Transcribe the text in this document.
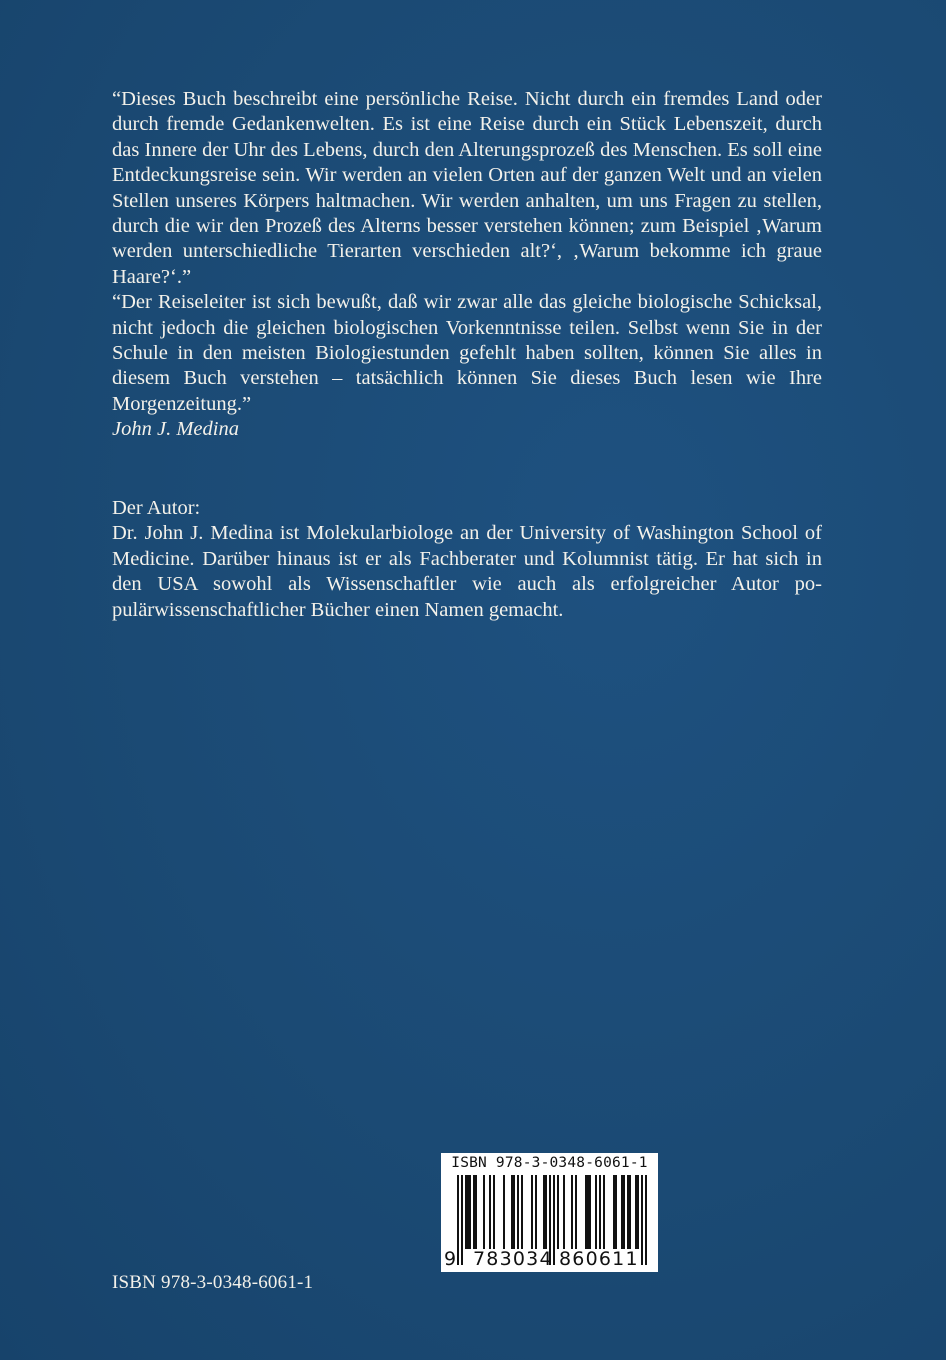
“Dieses Buch beschreibt eine persönliche Reise. Nicht durch ein fremdes Land oder durch fremde Gedankenwelten. Es ist eine Reise durch ein Stück Lebenszeit, durch das Innere der Uhr des Lebens, durch den Alterungsprozeß des Menschen. Es soll eine Entdeckungsreise sein. Wir werden an vielen Orten auf der ganzen Welt und an vielen Stellen unseres Körpers haltmachen. Wir werden anhalten, um uns Fragen zu stellen, durch die wir den Prozeß des Alterns besser verstehen können; zum Beispiel ‚Warum werden unterschiedliche Tierarten verschieden alt?‘, ‚Warum bekomme ich graue Haare?‘.”

“Der Reiseleiter ist sich bewußt, daß wir zwar alle das gleiche biologische Schicksal, nicht jedoch die gleichen biologischen Vorkenntnisse teilen. Selbst wenn Sie in der Schule in den meisten Biologiestunden gefehlt haben sollten, können Sie alles in diesem Buch verstehen – tatsächlich können Sie dieses Buch lesen wie Ihre Morgenzeitung.”

John J. Medina

Der Autor:

Dr. John J. Medina ist Molekularbiologe an der University of Washington School of Medicine. Darüber hinaus ist er als Fachberater und Kolumnist tätig. Er hat sich in den USA sowohl als Wissenschaftler wie auch als erfolgreicher Autor populärwissenschaftlicher Bücher einen Namen gemacht.

ISBN 978-3-0348-6061-1
9 783034 860611
ISBN 978-3-0348-6061-1
